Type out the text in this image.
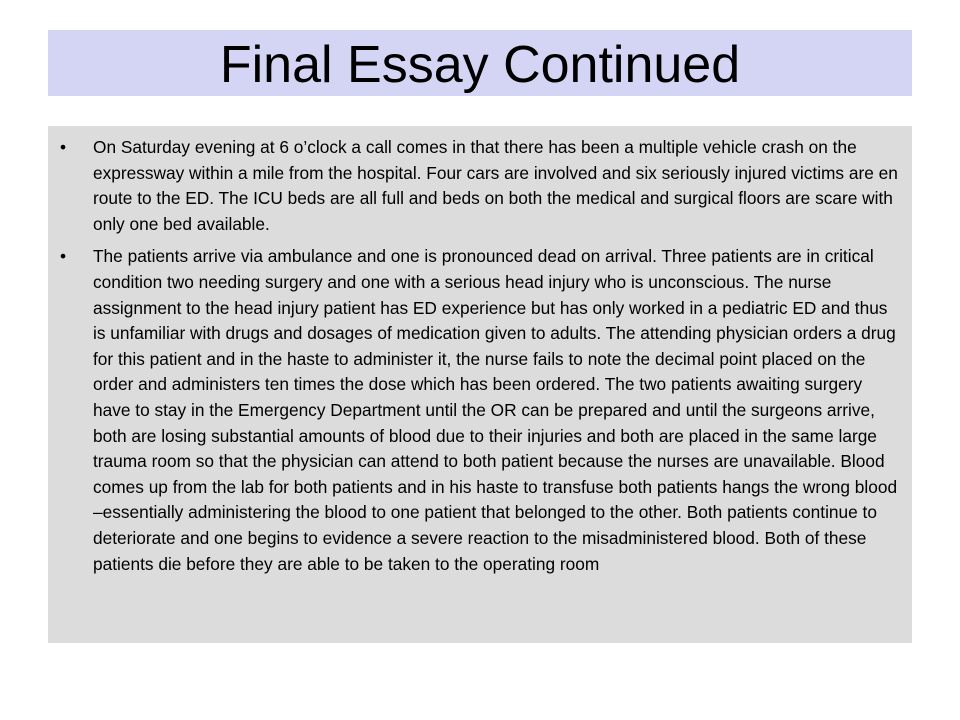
Final Essay Continued
•	On Saturday evening at 6 o’clock a call comes in that there has been a multiple vehicle crash on the expressway within a mile from the hospital. Four cars are involved and six seriously injured victims are en route to the ED. The ICU beds are all full and beds on both the medical and surgical floors are scare with only one bed available.
•	The patients arrive via ambulance and one is pronounced dead on arrival. Three patients are in critical condition two needing surgery and one with a serious head injury who is unconscious. The nurse assignment to the head injury patient has ED experience but has only worked in a pediatric ED and thus is unfamiliar with drugs and dosages of medication given to adults. The attending physician orders a drug for this patient and in the haste to administer it, the nurse fails to note the decimal point placed on the order and administers ten times the dose which has been ordered. The two patients awaiting surgery have to stay in the Emergency Department until the OR can be prepared and until the surgeons arrive, both are losing substantial amounts of blood due to their injuries and both are placed in the same large trauma room so that the physician can attend to both patient because the nurses are unavailable. Blood comes up from the lab for both patients and in his haste to transfuse both patients hangs the wrong blood –essentially administering the blood to one patient that belonged to the other. Both patients continue to deteriorate and one begins to evidence a severe reaction to the misadministered blood. Both of these patients die before they are able to be taken to the operating room
